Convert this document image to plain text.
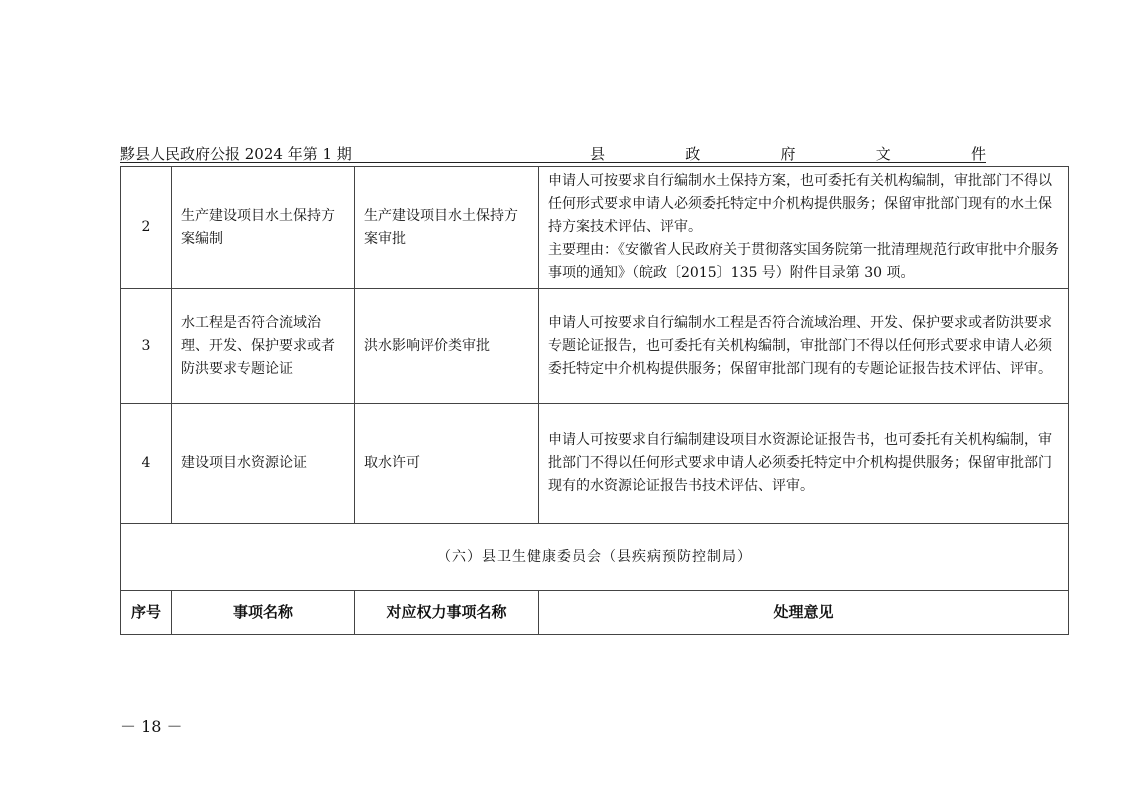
黟县人民政府公报 2024 年第 1 期	县	政	府	文	件
2	生产建设项目水土保持方案编制	生产建设项目水土保持方案审批	申请人可按要求自行编制水土保持方案，也可委托有关机构编制，审批部门不得以任何形式要求申请人必须委托特定中介机构提供服务；保留审批部门现有的水土保持方案技术评估、评审。
主要理由：《安徽省人民政府关于贯彻落实国务院第一批清理规范行政审批中介服务事项的通知》（皖政〔2015〕135 号）附件目录第 30 项。

3	水工程是否符合流域治理、开发、保护要求或者防洪要求专题论证	洪水影响评价类审批	申请人可按要求自行编制水工程是否符合流域治理、开发、保护要求或者防洪要求专题论证报告，也可委托有关机构编制，审批部门不得以任何形式要求申请人必须委托特定中介机构提供服务；保留审批部门现有的专题论证报告技术评估、评审。

4	建设项目水资源论证	取水许可	申请人可按要求自行编制建设项目水资源论证报告书，也可委托有关机构编制，审批部门不得以任何形式要求申请人必须委托特定中介机构提供服务；保留审批部门现有的水资源论证报告书技术评估、评审。

（六）县卫生健康委员会（县疾病预防控制局）			
序号	事项名称	对应权力事项名称	处理意见
－ 18 －
